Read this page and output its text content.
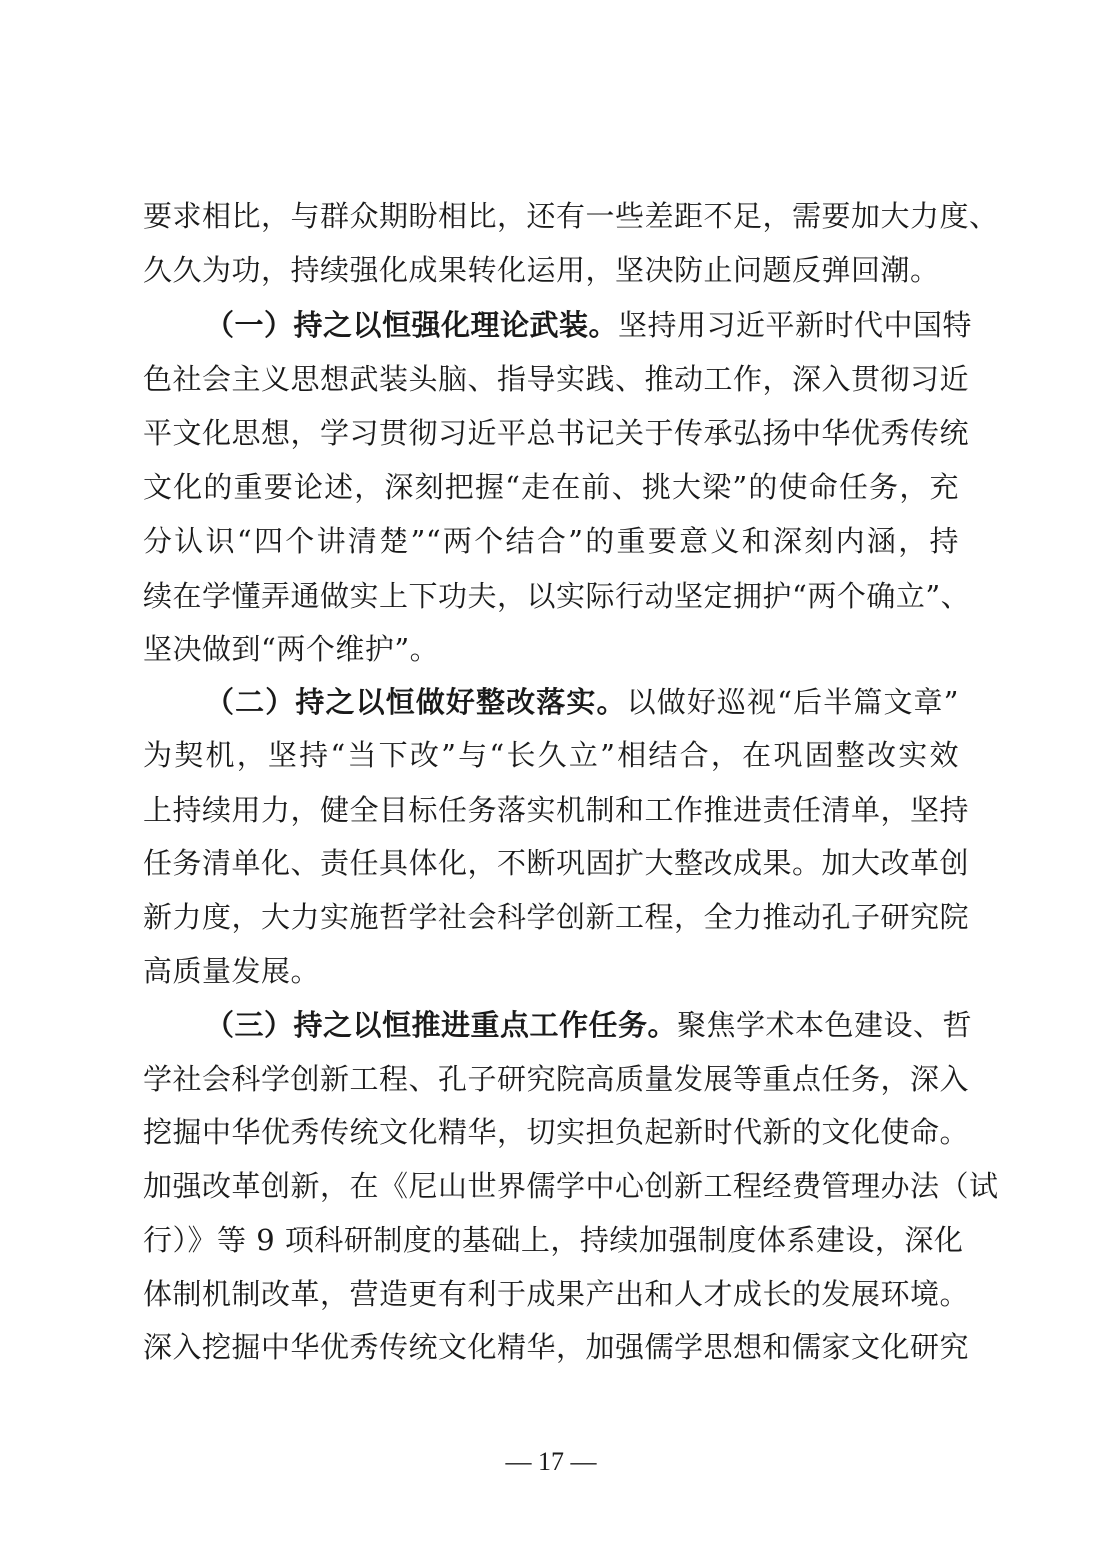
要求相比，与群众期盼相比，还有一些差距不足，需要加大力度、
久久为功，持续强化成果转化运用，坚决防止问题反弹回潮。
（一）持之以恒强化理论武装。坚持用习近平新时代中国特
色社会主义思想武装头脑、指导实践、推动工作，深入贯彻习近
平文化思想，学习贯彻习近平总书记关于传承弘扬中华优秀传统
文化的重要论述，深刻把握“走在前、挑大梁”的使命任务，充
分认识“四个讲清楚”“两个结合”的重要意义和深刻内涵，持
续在学懂弄通做实上下功夫，以实际行动坚定拥护“两个确立”、
坚决做到“两个维护”。
（二）持之以恒做好整改落实。以做好巡视“后半篇文章”
为契机，坚持“当下改”与“长久立”相结合，在巩固整改实效
上持续用力，健全目标任务落实机制和工作推进责任清单，坚持
任务清单化、责任具体化，不断巩固扩大整改成果。加大改革创
新力度，大力实施哲学社会科学创新工程，全力推动孔子研究院
高质量发展。
（三）持之以恒推进重点工作任务。聚焦学术本色建设、哲
学社会科学创新工程、孔子研究院高质量发展等重点任务，深入
挖掘中华优秀传统文化精华，切实担负起新时代新的文化使命。
加强改革创新，在《尼山世界儒学中心创新工程经费管理办法（试
行）》等 9 项科研制度的基础上，持续加强制度体系建设，深化
体制机制改革，营造更有利于成果产出和人才成长的发展环境。
深入挖掘中华优秀传统文化精华，加强儒学思想和儒家文化研究
— 17 —
